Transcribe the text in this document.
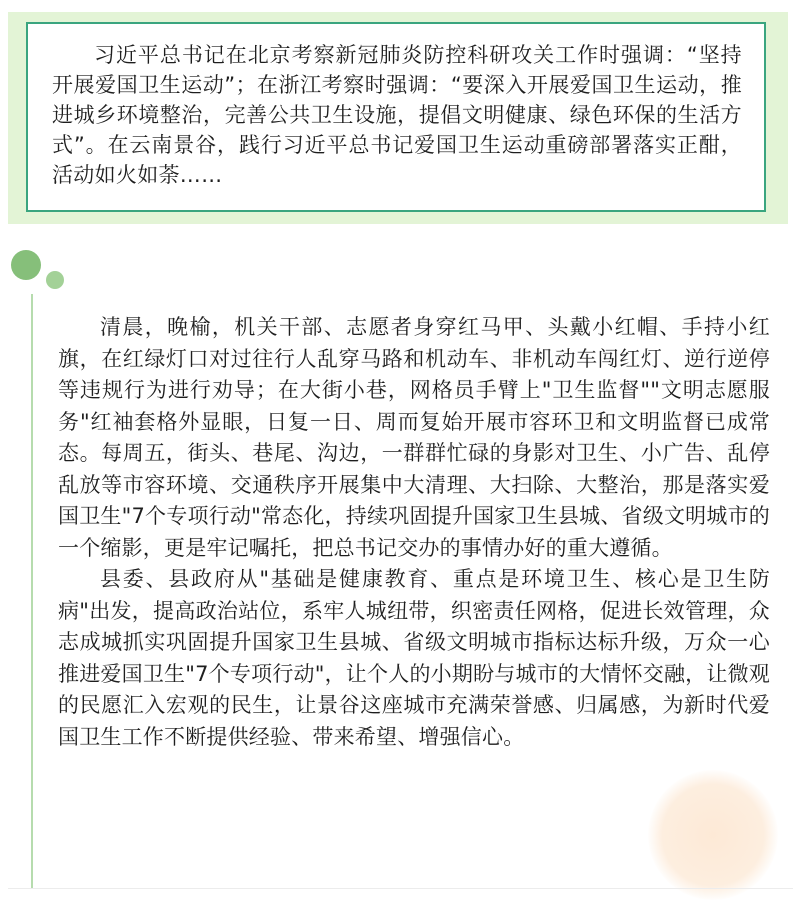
习近平总书记在北京考察新冠肺炎防控科研攻关工作时强调：“坚持开展爱国卫生运动”；在浙江考察时强调：“要深入开展爱国卫生运动，推进城乡环境整治，完善公共卫生设施，提倡文明健康、绿色环保的生活方式”。在云南景谷，践行习近平总书记爱国卫生运动重磅部署落实正酣，活动如火如荼……

清晨，晚榆，机关干部、志愿者身穿红马甲、头戴小红帽、手持小红旗，在红绿灯口对过往行人乱穿马路和机动车、非机动车闯红灯、逆行逆停等违规行为进行劝导；在大街小巷，网格员手臂上"卫生监督""文明志愿服务"红袖套格外显眼，日复一日、周而复始开展市容环卫和文明监督已成常态。每周五，街头、巷尾、沟边，一群群忙碌的身影对卫生、小广告、乱停乱放等市容环境、交通秩序开展集中大清理、大扫除、大整治，那是落实爱国卫生"7个专项行动"常态化，持续巩固提升国家卫生县城、省级文明城市的一个缩影，更是牢记嘱托，把总书记交办的事情办好的重大遵循。

县委、县政府从"基础是健康教育、重点是环境卫生、核心是卫生防病"出发，提高政治站位，系牢人城纽带，织密责任网格，促进长效管理，众志成城抓实巩固提升国家卫生县城、省级文明城市指标达标升级，万众一心推进爱国卫生"7个专项行动"，让个人的小期盼与城市的大情怀交融，让微观的民愿汇入宏观的民生，让景谷这座城市充满荣誉感、归属感，为新时代爱国卫生工作不断提供经验、带来希望、增强信心。
